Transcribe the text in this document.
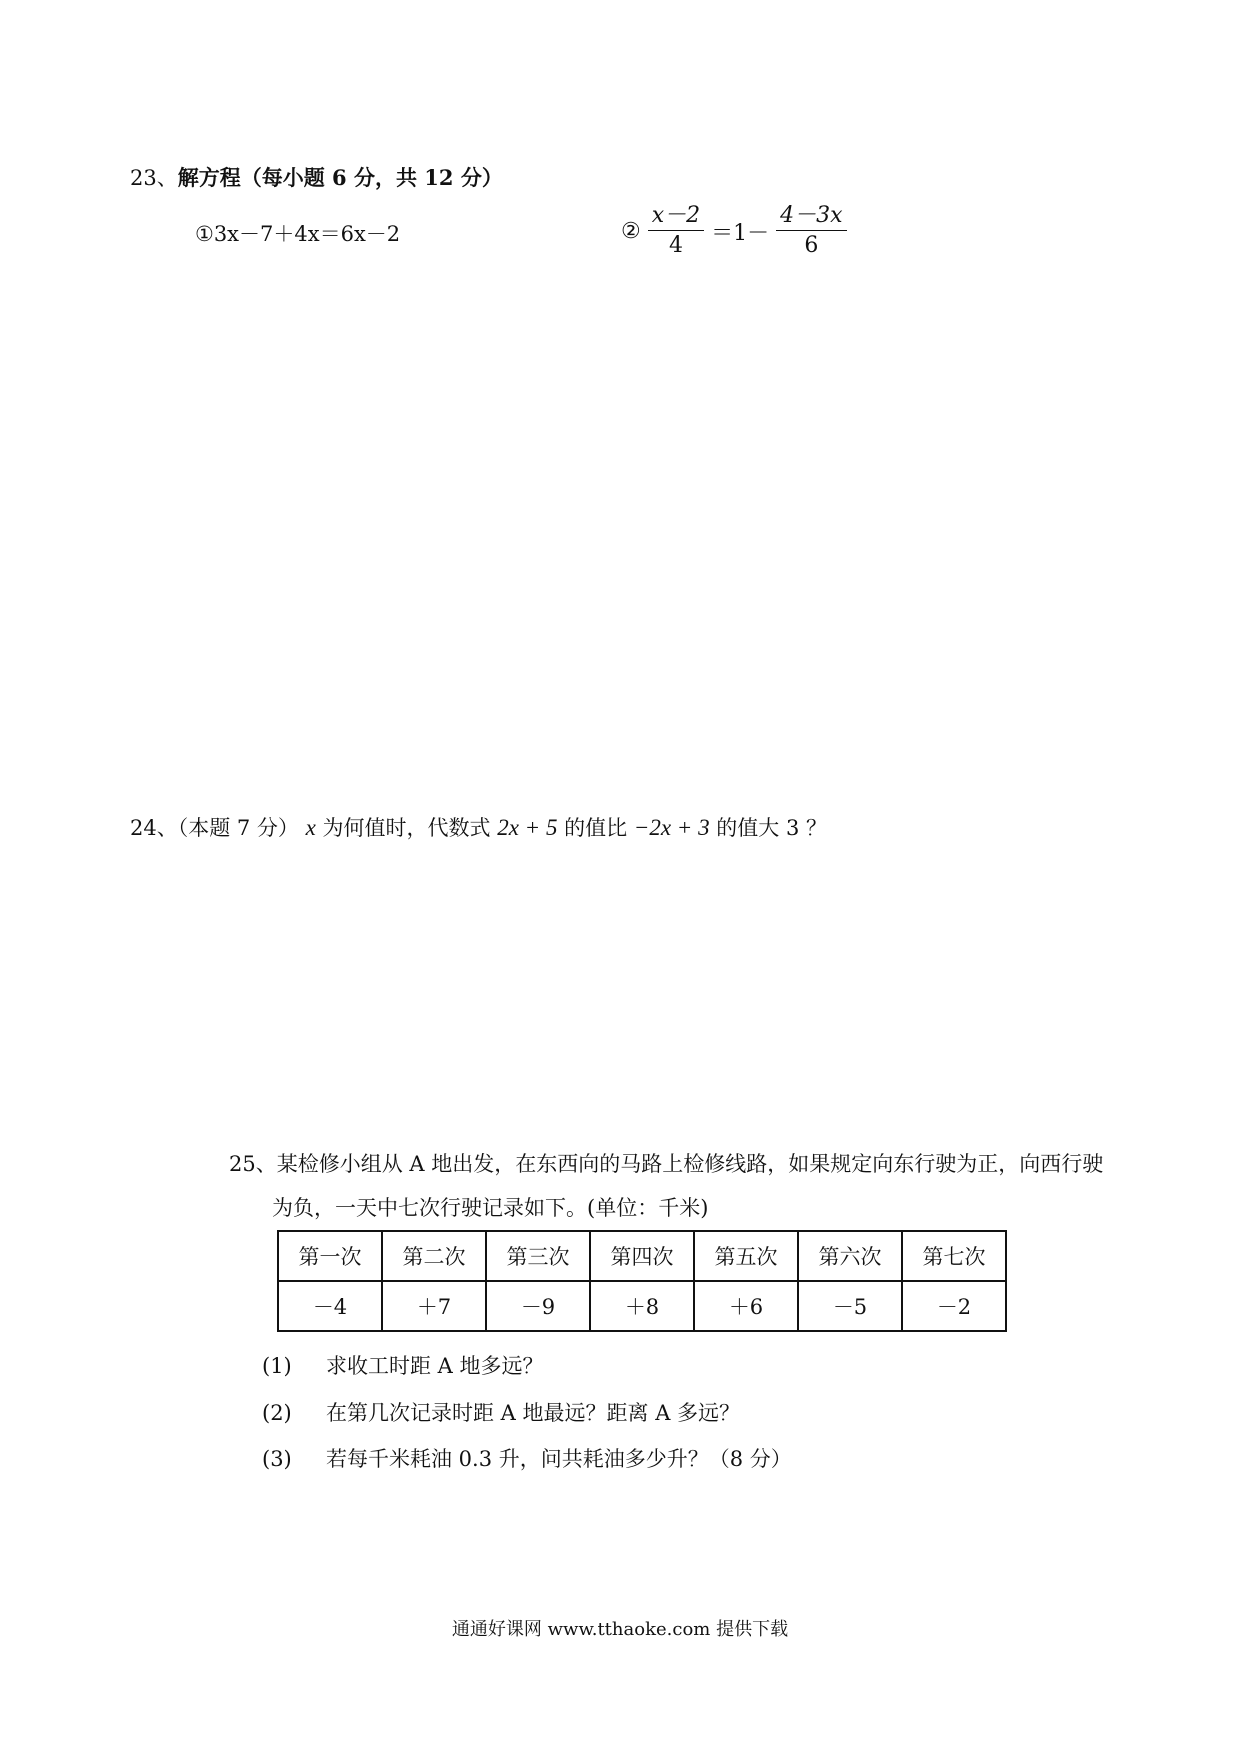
23、解方程（每小题 6 分，共 12 分）
①3x－7＋4x＝6x－2	② $\frac{x-2}{4} =1- \frac{4-3x}{6}$
24、（本题 7 分） x 为何值时，代数式 2x + 5 的值比 −2x + 3 的值大 3 ？
25、某检修小组从 A 地出发，在东西向的马路上检修线路，如果规定向东行驶为正，向西行驶
为负，一天中七次行驶记录如下。(单位：千米)
第一次	第二次	第三次	第四次	第五次	第六次	第七次
－4	＋7	－9	＋8	＋6	－5	－2
(1) 求收工时距 A 地多远？
(2) 在第几次记录时距 A 地最远？距离 A 多远？
(3) 若每千米耗油 0.3 升，问共耗油多少升？（8 分）
通通好课网 www.tthaoke.com 提供下载
